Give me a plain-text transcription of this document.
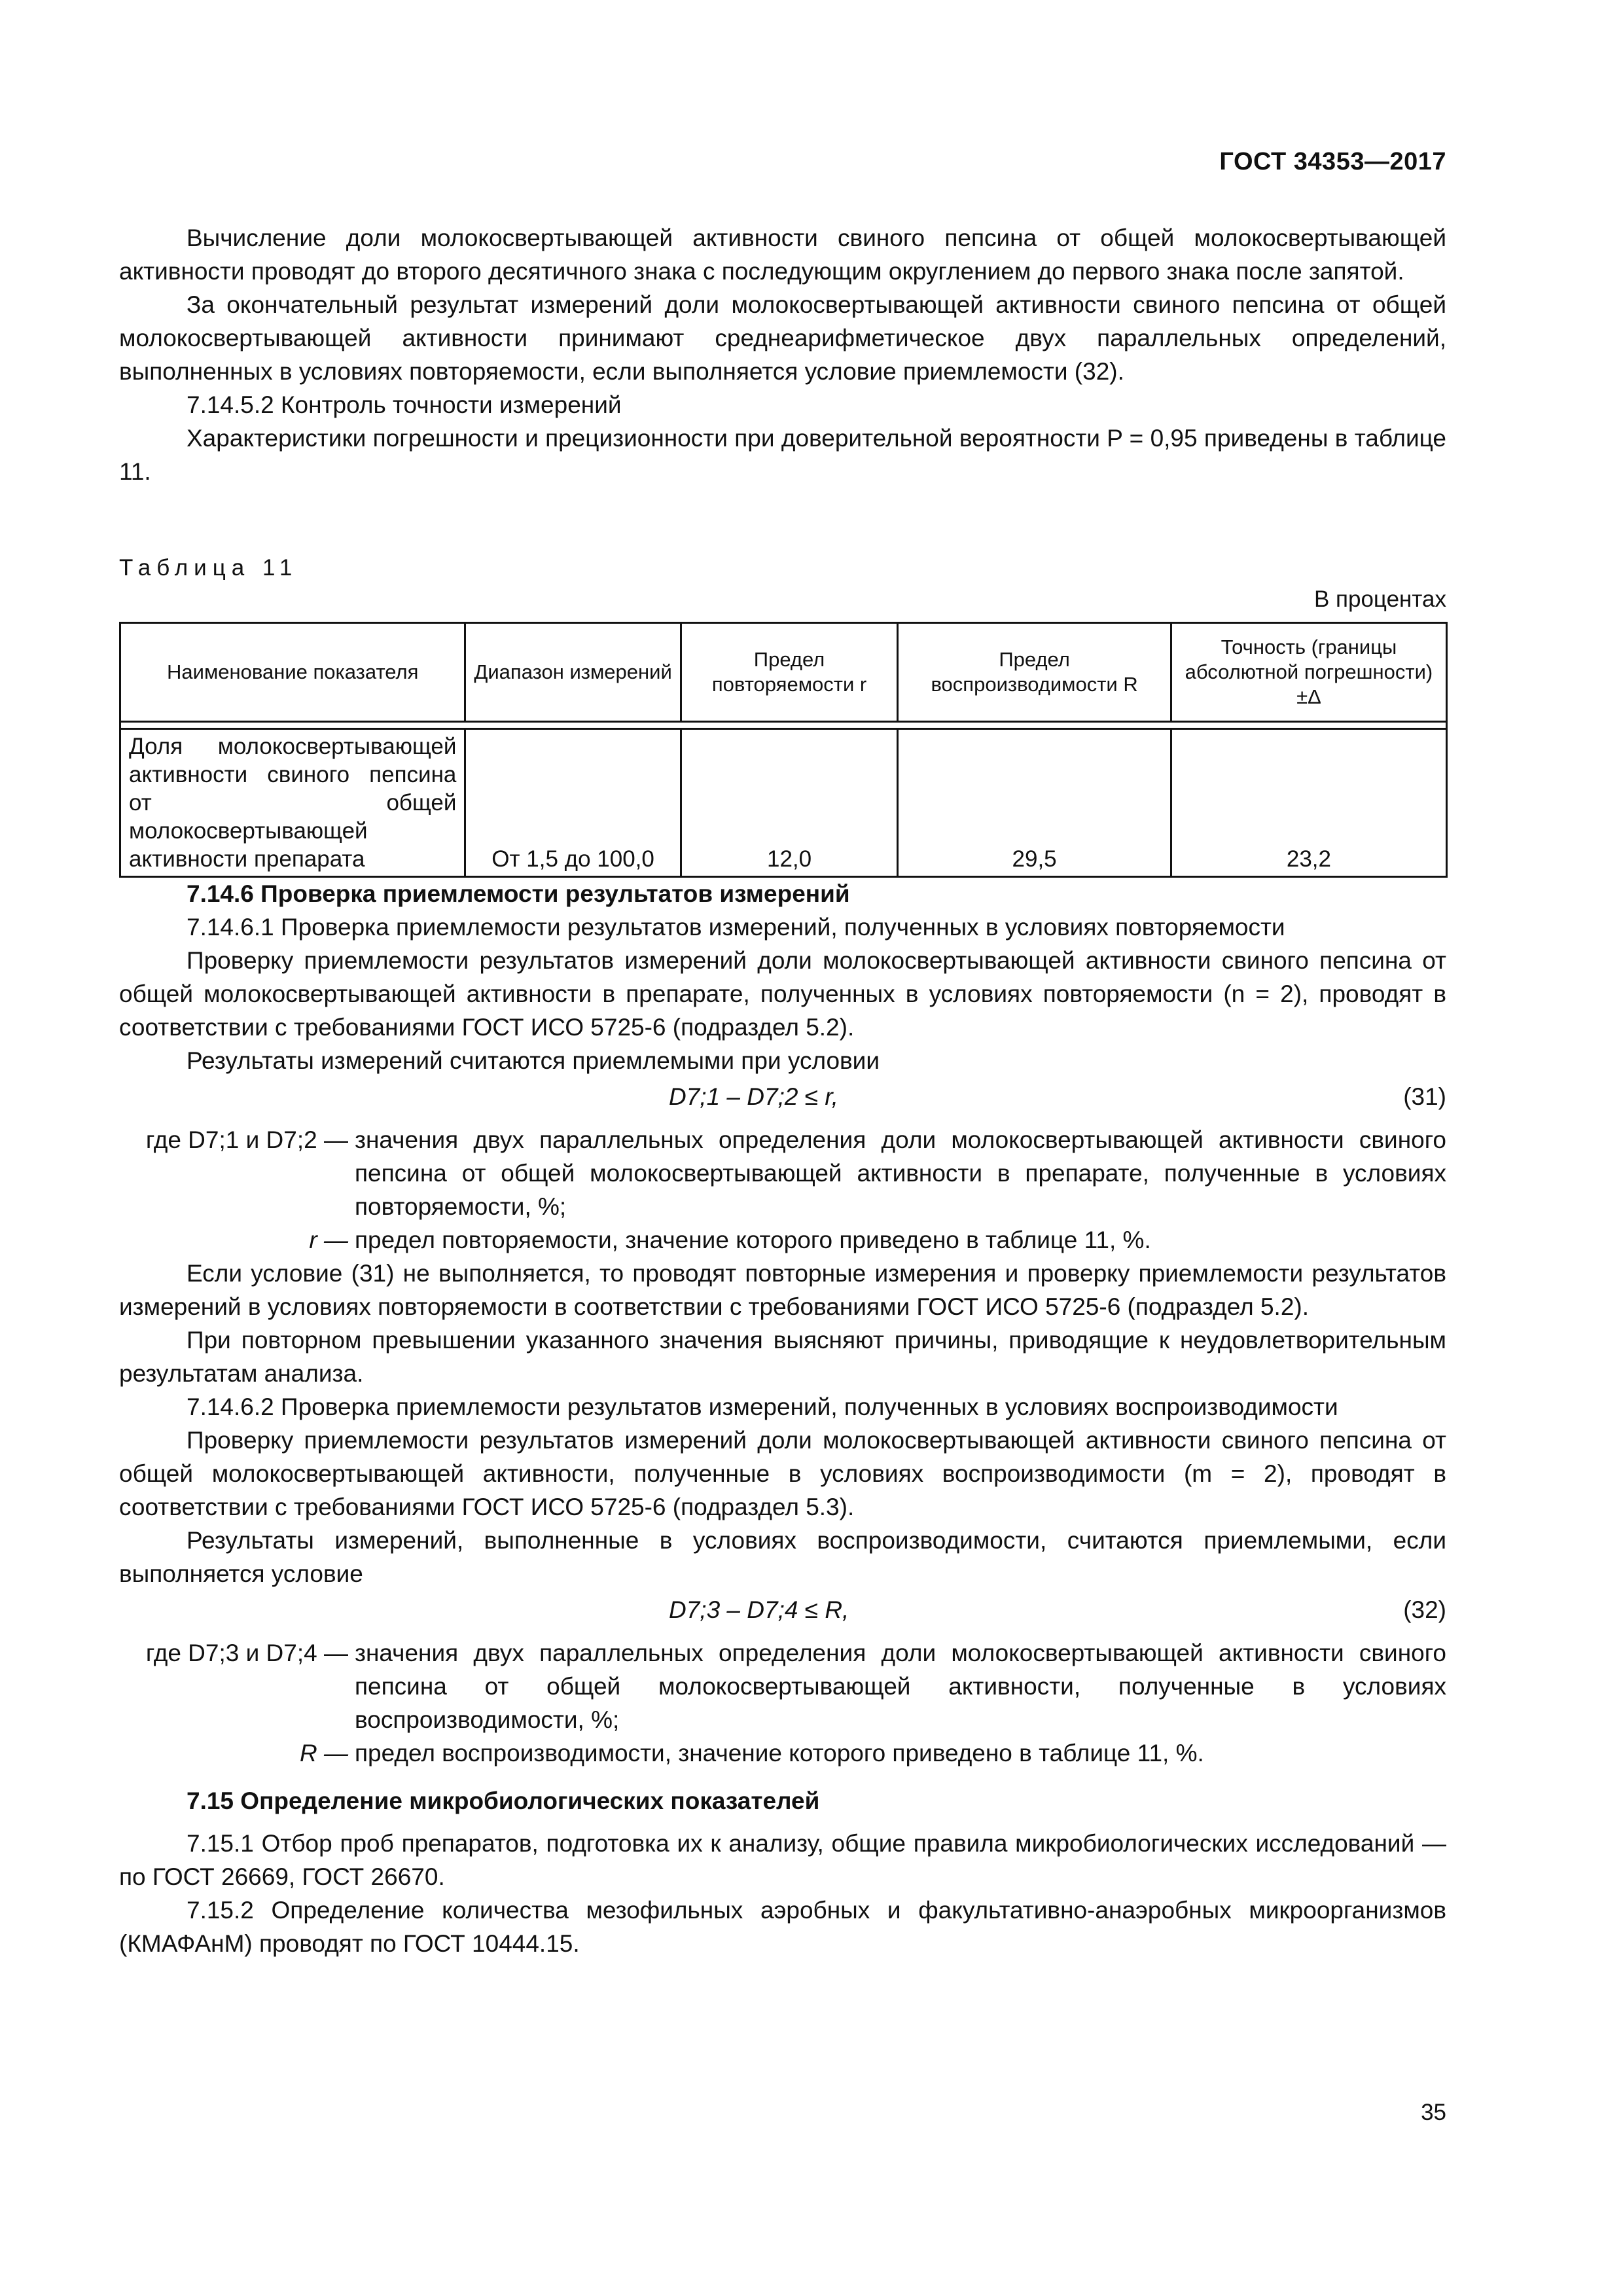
ГОСТ 34353—2017

Вычисление доли молокосвертывающей активности свиного пепсина от общей молокосвертывающей активности проводят до второго десятичного знака с последующим округлением до первого знака после запятой.

За окончательный результат измерений доли молокосвертывающей активности свиного пепсина от общей молокосвертывающей активности принимают среднеарифметическое двух параллельных определений, выполненных в условиях повторяемости, если выполняется условие приемлемости (32).

7.14.5.2 Контроль точности измерений

Характеристики погрешности и прецизионности при доверительной вероятности P = 0,95 приведены в таблице 11.

Таблица 11
В процентах
Наименование показателя	Диапазон измерений	Предел повторяемости r	Предел воспроизводимости R	Точность (границы абсолютной погрешности) ±Δ

Доля молокосвертывающей активности свиного пепсина от общей молокосвертывающей активности препарата	От 1,5 до 100,0	12,0	29,5	23,2

7.14.6 Проверка приемлемости результатов измерений

7.14.6.1 Проверка приемлемости результатов измерений, полученных в условиях повторяемости

Проверку приемлемости результатов измерений доли молокосвертывающей активности свиного пепсина от общей молокосвертывающей активности в препарате, полученных в условиях повторяемости (n = 2), проводят в соответствии с требованиями ГОСТ ИСО 5725-6 (подраздел 5.2).

Результаты измерений считаются приемлемыми при условии

D7;1 – D7;2 ≤ r,	(31)
где D7;1 и D7;2 — значения двух параллельных определения доли молокосвертывающей активности свиного пепсина от общей молокосвертывающей активности в препарате, полученные в условиях повторяемости, %;
r — предел повторяемости, значение которого приведено в таблице 11, %.

Если условие (31) не выполняется, то проводят повторные измерения и проверку приемлемости результатов измерений в условиях повторяемости в соответствии с требованиями ГОСТ ИСО 5725-6 (подраздел 5.2).

При повторном превышении указанного значения выясняют причины, приводящие к неудовлетворительным результатам анализа.

7.14.6.2 Проверка приемлемости результатов измерений, полученных в условиях воспроизводимости

Проверку приемлемости результатов измерений доли молокосвертывающей активности свиного пепсина от общей молокосвертывающей активности, полученные в условиях воспроизводимости (m = 2), проводят в соответствии с требованиями ГОСТ ИСО 5725-6 (подраздел 5.3).

Результаты измерений, выполненные в условиях воспроизводимости, считаются приемлемыми, если выполняется условие

D7;3 – D7;4 ≤ R,	(32)
где D7;3 и D7;4 — значения двух параллельных определения доли молокосвертывающей активности свиного пепсина от общей молокосвертывающей активности, полученные в условиях воспроизводимости, %;
R — предел воспроизводимости, значение которого приведено в таблице 11, %.

7.15 Определение микробиологических показателей

7.15.1 Отбор проб препаратов, подготовка их к анализу, общие правила микробиологических исследований — по ГОСТ 26669, ГОСТ 26670.

7.15.2 Определение количества мезофильных аэробных и факультативно-анаэробных микроорганизмов (КМАФАнМ) проводят по ГОСТ 10444.15.

35
